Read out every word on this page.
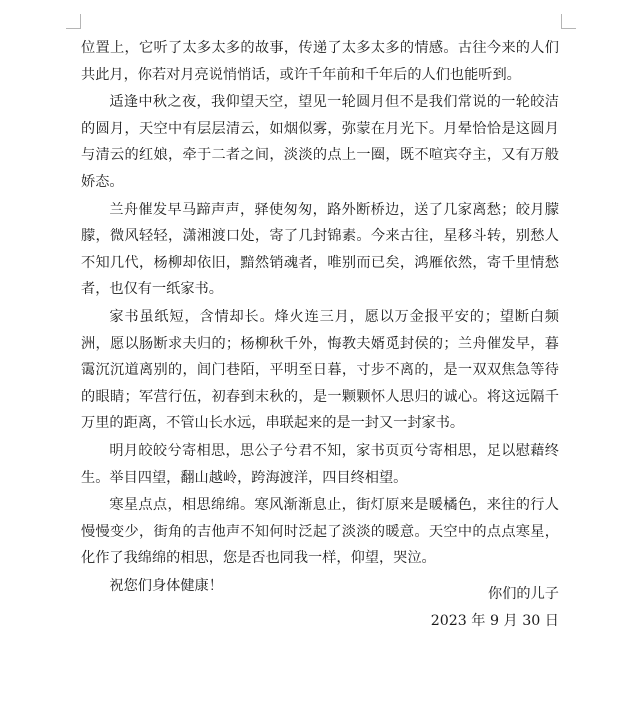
位置上，它听了太多太多的故事，传递了太多太多的情感。古往今来的人们共此月，你若对月亮说悄悄话，或许千年前和千年后的人们也能听到。

适逢中秋之夜，我仰望天空，望见一轮圆月但不是我们常说的一轮皎洁的圆月，天空中有层层清云，如烟似雾，弥蒙在月光下。月晕恰恰是这圆月与清云的红娘，牵于二者之间，淡淡的点上一圈，既不喧宾夺主，又有万般娇态。

兰舟催发早马蹄声声，驿使匆匆，路外断桥边，送了几家离愁；皎月朦朦，微风轻轻，潇湘渡口处，寄了几封锦素。今来古往，星移斗转，别愁人不知几代，杨柳却依旧，黯然销魂者，唯别而已矣，鸿雁依然，寄千里情愁者，也仅有一纸家书。

家书虽纸短，含情却长。烽火连三月，愿以万金报平安的；望断白频洲，愿以肠断求夫归的；杨柳秋千外，悔教夫婿觅封侯的；兰舟催发早，暮霭沉沉道离别的，闾门巷陌，平明至日暮，寸步不离的，是一双双焦急等待的眼睛；军营行伍，初春到末秋的，是一颗颗怀人思归的诚心。将这远隔千万里的距离，不管山长水远，串联起来的是一封又一封家书。

明月皎皎兮寄相思，思公子兮君不知，家书页页兮寄相思，足以慰藉终生。举目四望，翻山越岭，跨海渡洋，四目终相望。

寒星点点，相思绵绵。寒风渐渐息止，街灯原来是暖橘色，来往的行人慢慢变少，街角的吉他声不知何时泛起了淡淡的暖意。天空中的点点寒星，化作了我绵绵的相思，您是否也同我一样，仰望，哭泣。

祝您们身体健康！

你们的儿子
2023 年 9 月 30 日
